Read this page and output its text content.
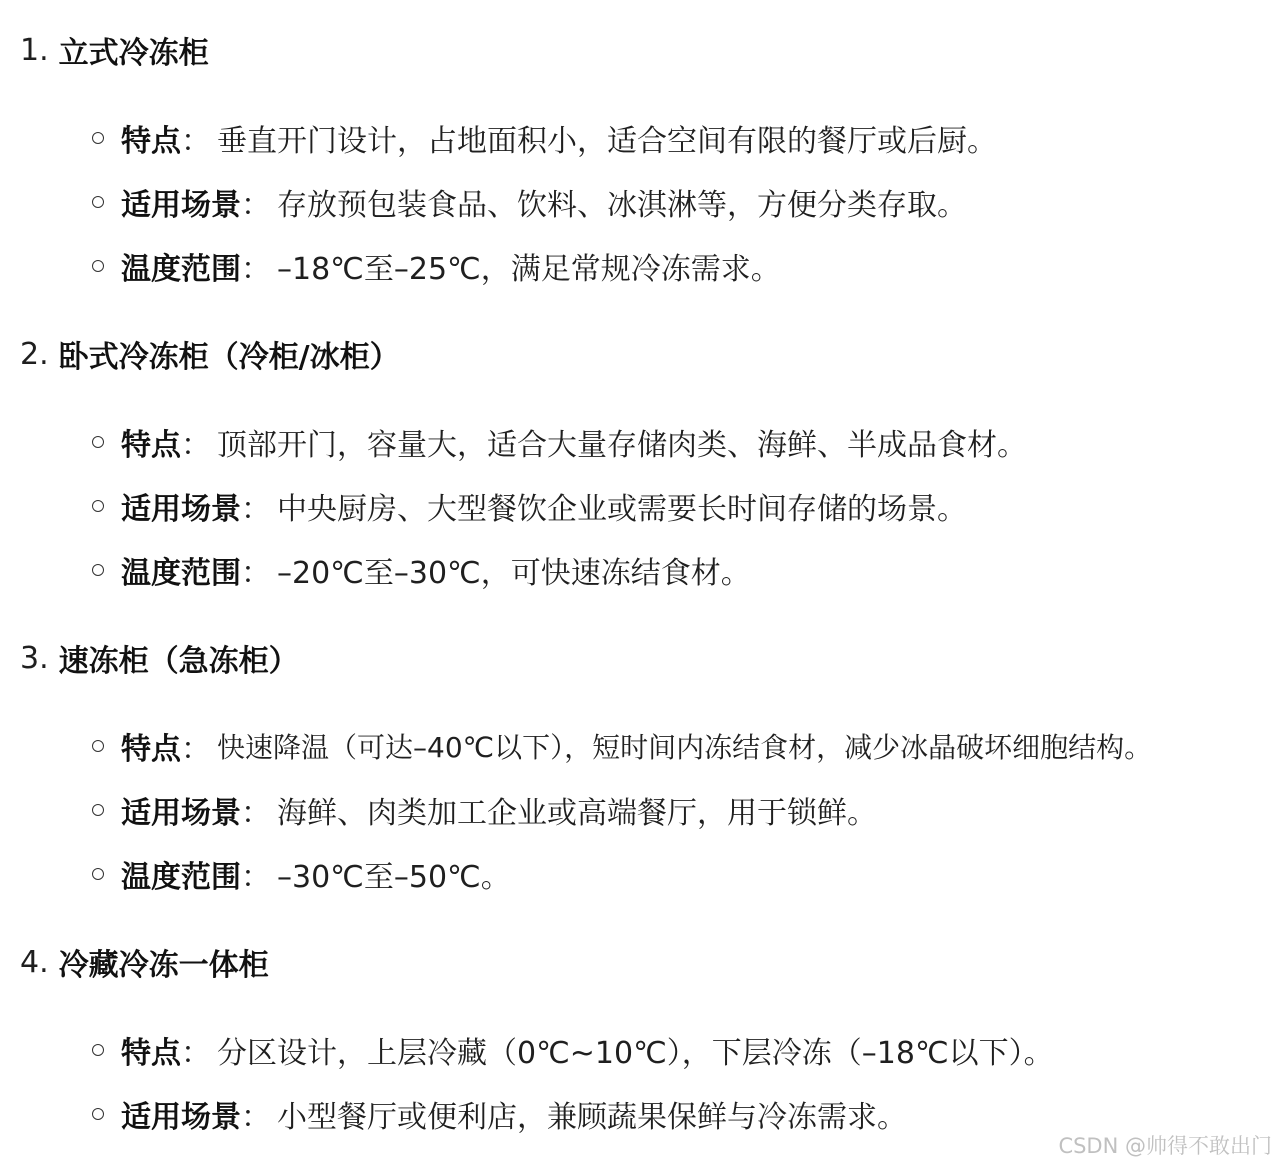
1. 立式冷冻柜
特点 ： 垂直开门设计，占地面积小，适合空间有限的餐厅或后厨。
适用场景 ： 存放预包装食品、饮料、冰淇淋等，方便分类存取。
温度范围 ： –18℃至–25℃，满足常规冷冻需求。
2. 卧式冷冻柜（冷柜/冰柜）
特点 ： 顶部开门，容量大，适合大量存储肉类、海鲜、半成品食材。
适用场景 ： 中央厨房、大型餐饮企业或需要长时间存储的场景。
温度范围 ： –20℃至–30℃，可快速冻结食材。
3. 速冻柜（急冻柜）
特点 ： 快速降温（可达–40℃以下），短时间内冻结食材，减少冰晶破坏细胞结构。
适用场景 ： 海鲜、肉类加工企业或高端餐厅，用于锁鲜。
温度范围 ： –30℃至–50℃。
4. 冷藏冷冻一体柜
特点 ： 分区设计，上层冷藏（0℃~10℃），下层冷冻（–18℃以下）。
适用场景 ： 小型餐厅或便利店，兼顾蔬果保鲜与冷冻需求。
CSDN @帅得不敢出门
